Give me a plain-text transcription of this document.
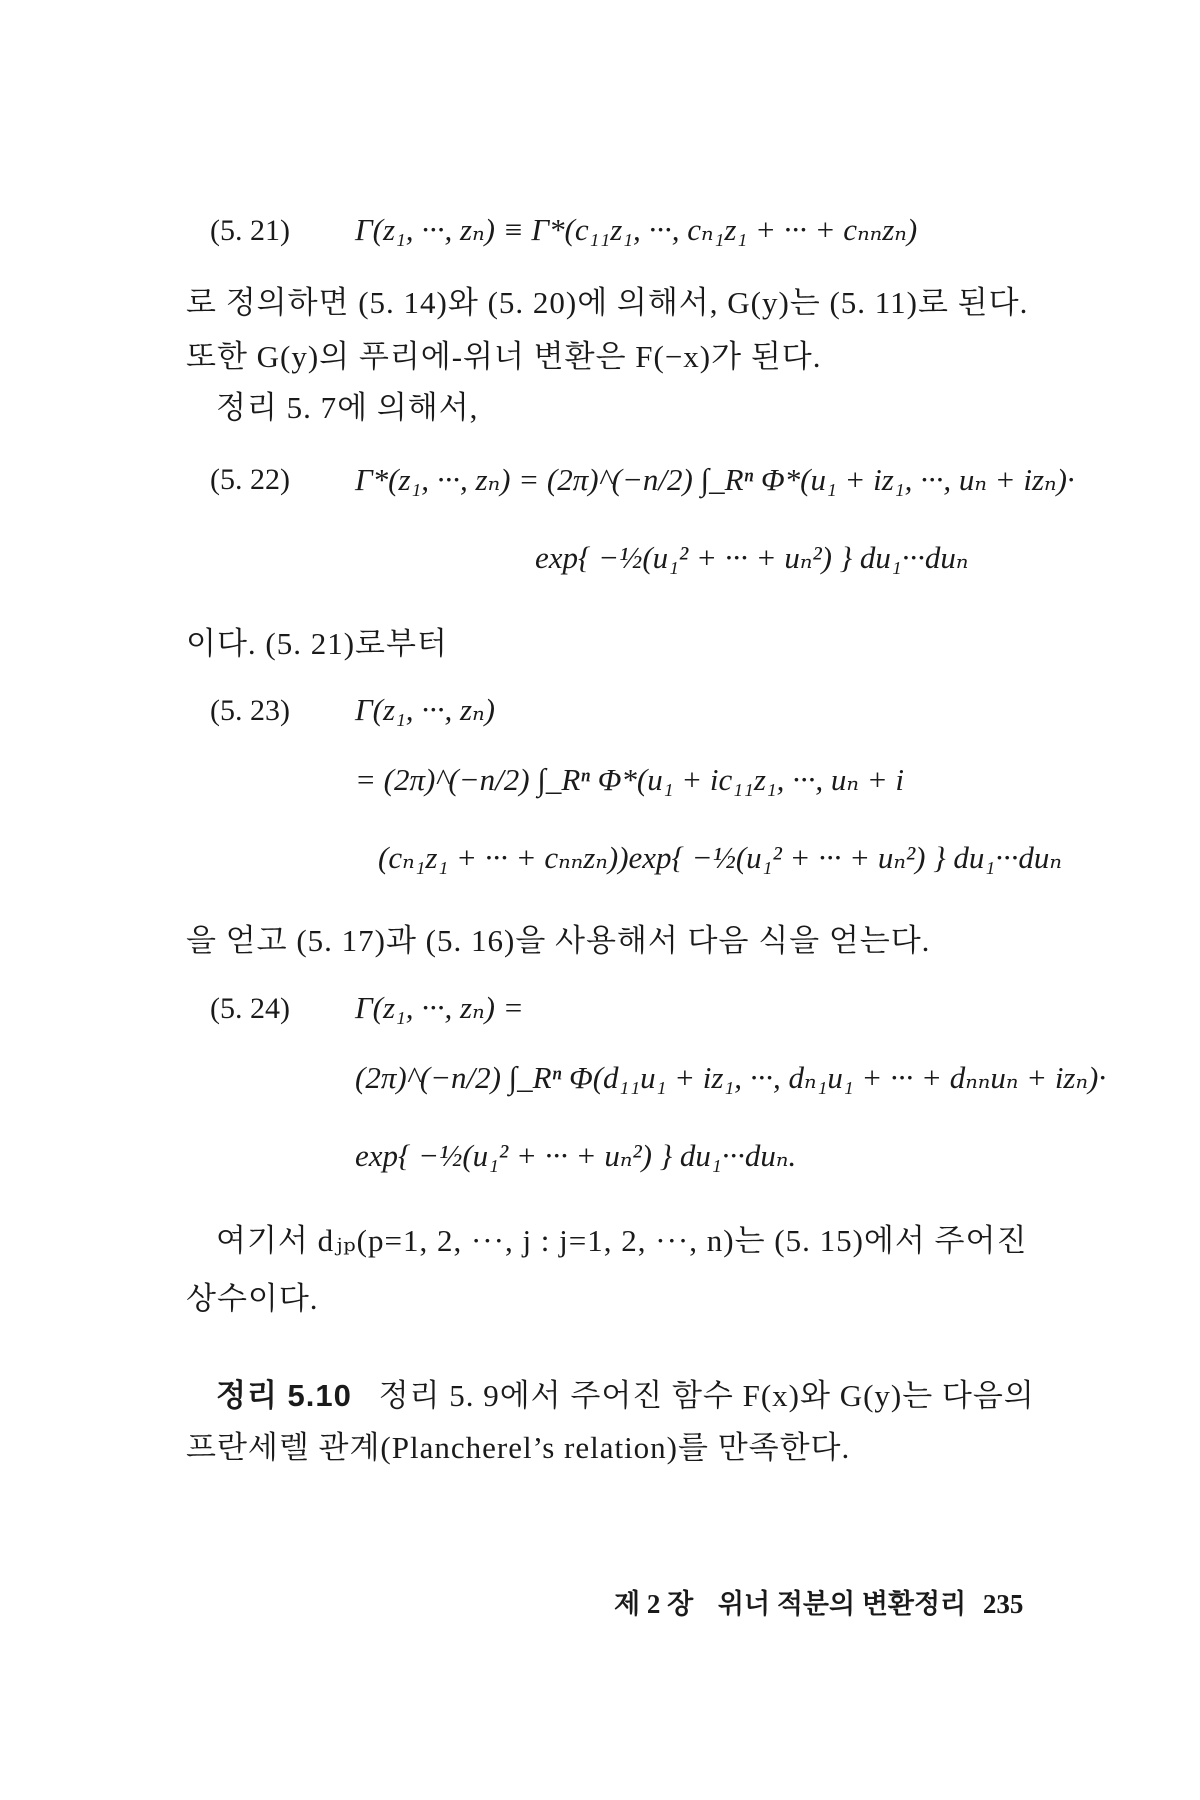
(5. 21) Γ(z₁, ···, zₙ) ≡ Γ*(c₁₁z₁, ···, cₙ₁z₁ + ··· + cₙₙzₙ)
로 정의하면 (5. 14)와 (5. 20)에 의해서, G(y)는 (5. 11)로 된다.
또한 G(y)의 푸리에-위너 변환은 F(−x)가 된다.
정리 5. 7에 의해서,
(5. 22) Γ*(z₁, ···, zₙ) = (2π)^(−n/2) ∫_Rⁿ Φ*(u₁ + iz₁, ···, uₙ + izₙ)·
exp{ −½(u₁² + ··· + uₙ²) } du₁···duₙ
이다. (5. 21)로부터
(5. 23) Γ(z₁, ···, zₙ)
= (2π)^(−n/2) ∫_Rⁿ Φ*(u₁ + ic₁₁z₁, ···, uₙ + i
(cₙ₁z₁ + ··· + cₙₙzₙ))exp{ −½(u₁² + ··· + uₙ²) } du₁···duₙ
을 얻고 (5. 17)과 (5. 16)을 사용해서 다음 식을 얻는다.
(5. 24) Γ(z₁, ···, zₙ) =
(2π)^(−n/2) ∫_Rⁿ Φ(d₁₁u₁ + iz₁, ···, dₙ₁u₁ + ··· + dₙₙuₙ + izₙ)·
exp{ −½(u₁² + ··· + uₙ²) } du₁···duₙ.
여기서 dⱼₚ(p=1, 2, ···, j : j=1, 2, ···, n)는 (5. 15)에서 주어진
상수이다.
정리 5.10 정리 5. 9에서 주어진 함수 F(x)와 G(y)는 다음의
프란세렐 관계(Plancherel’s relation)를 만족한다.
제 2 장 위너 적분의 변환정리 235
